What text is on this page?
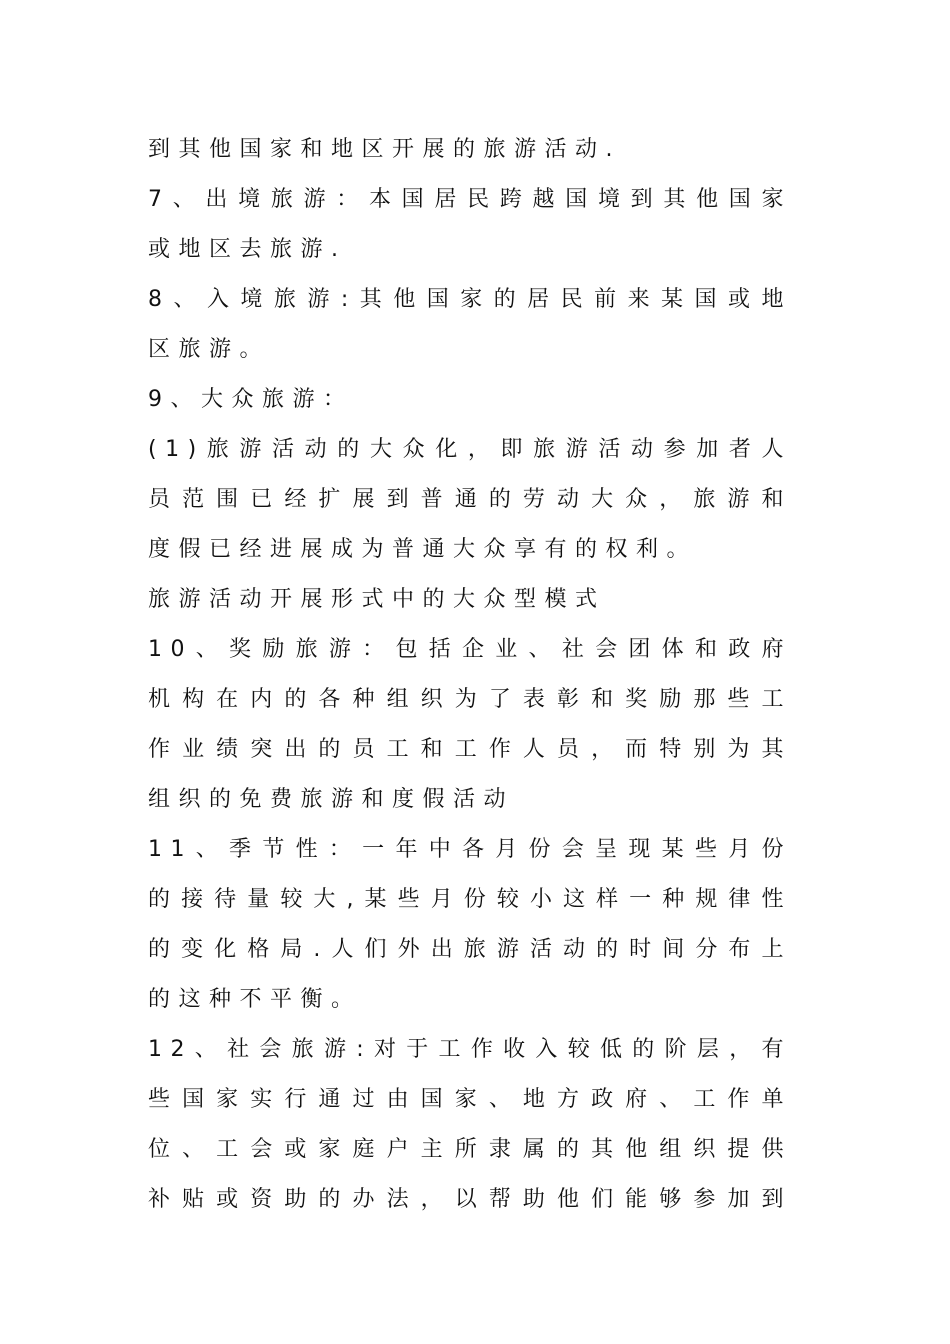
到其他国家和地区开展的旅游活动.
7、出境旅游：本国居民跨越国境到其他国家
或地区去旅游.
8、入境旅游:其他国家的居民前来某国或地
区旅游。
9、大众旅游：
(1)旅游活动的大众化，即旅游活动参加者人
员范围已经扩展到普通的劳动大众，旅游和
度假已经进展成为普通大众享有的权利。
旅游活动开展形式中的大众型模式
10、奖励旅游：包括企业、社会团体和政府
机构在内的各种组织为了表彰和奖励那些工
作业绩突出的员工和工作人员，而特别为其
组织的免费旅游和度假活动
11、季节性：一年中各月份会呈现某些月份
的接待量较大,某些月份较小这样一种规律性
的变化格局.人们外出旅游活动的时间分布上
的这种不平衡。
12、社会旅游:对于工作收入较低的阶层，有
些国家实行通过由国家、地方政府、工作单
位、工会或家庭户主所隶属的其他组织提供
补贴或资助的办法，以帮助他们能够参加到
